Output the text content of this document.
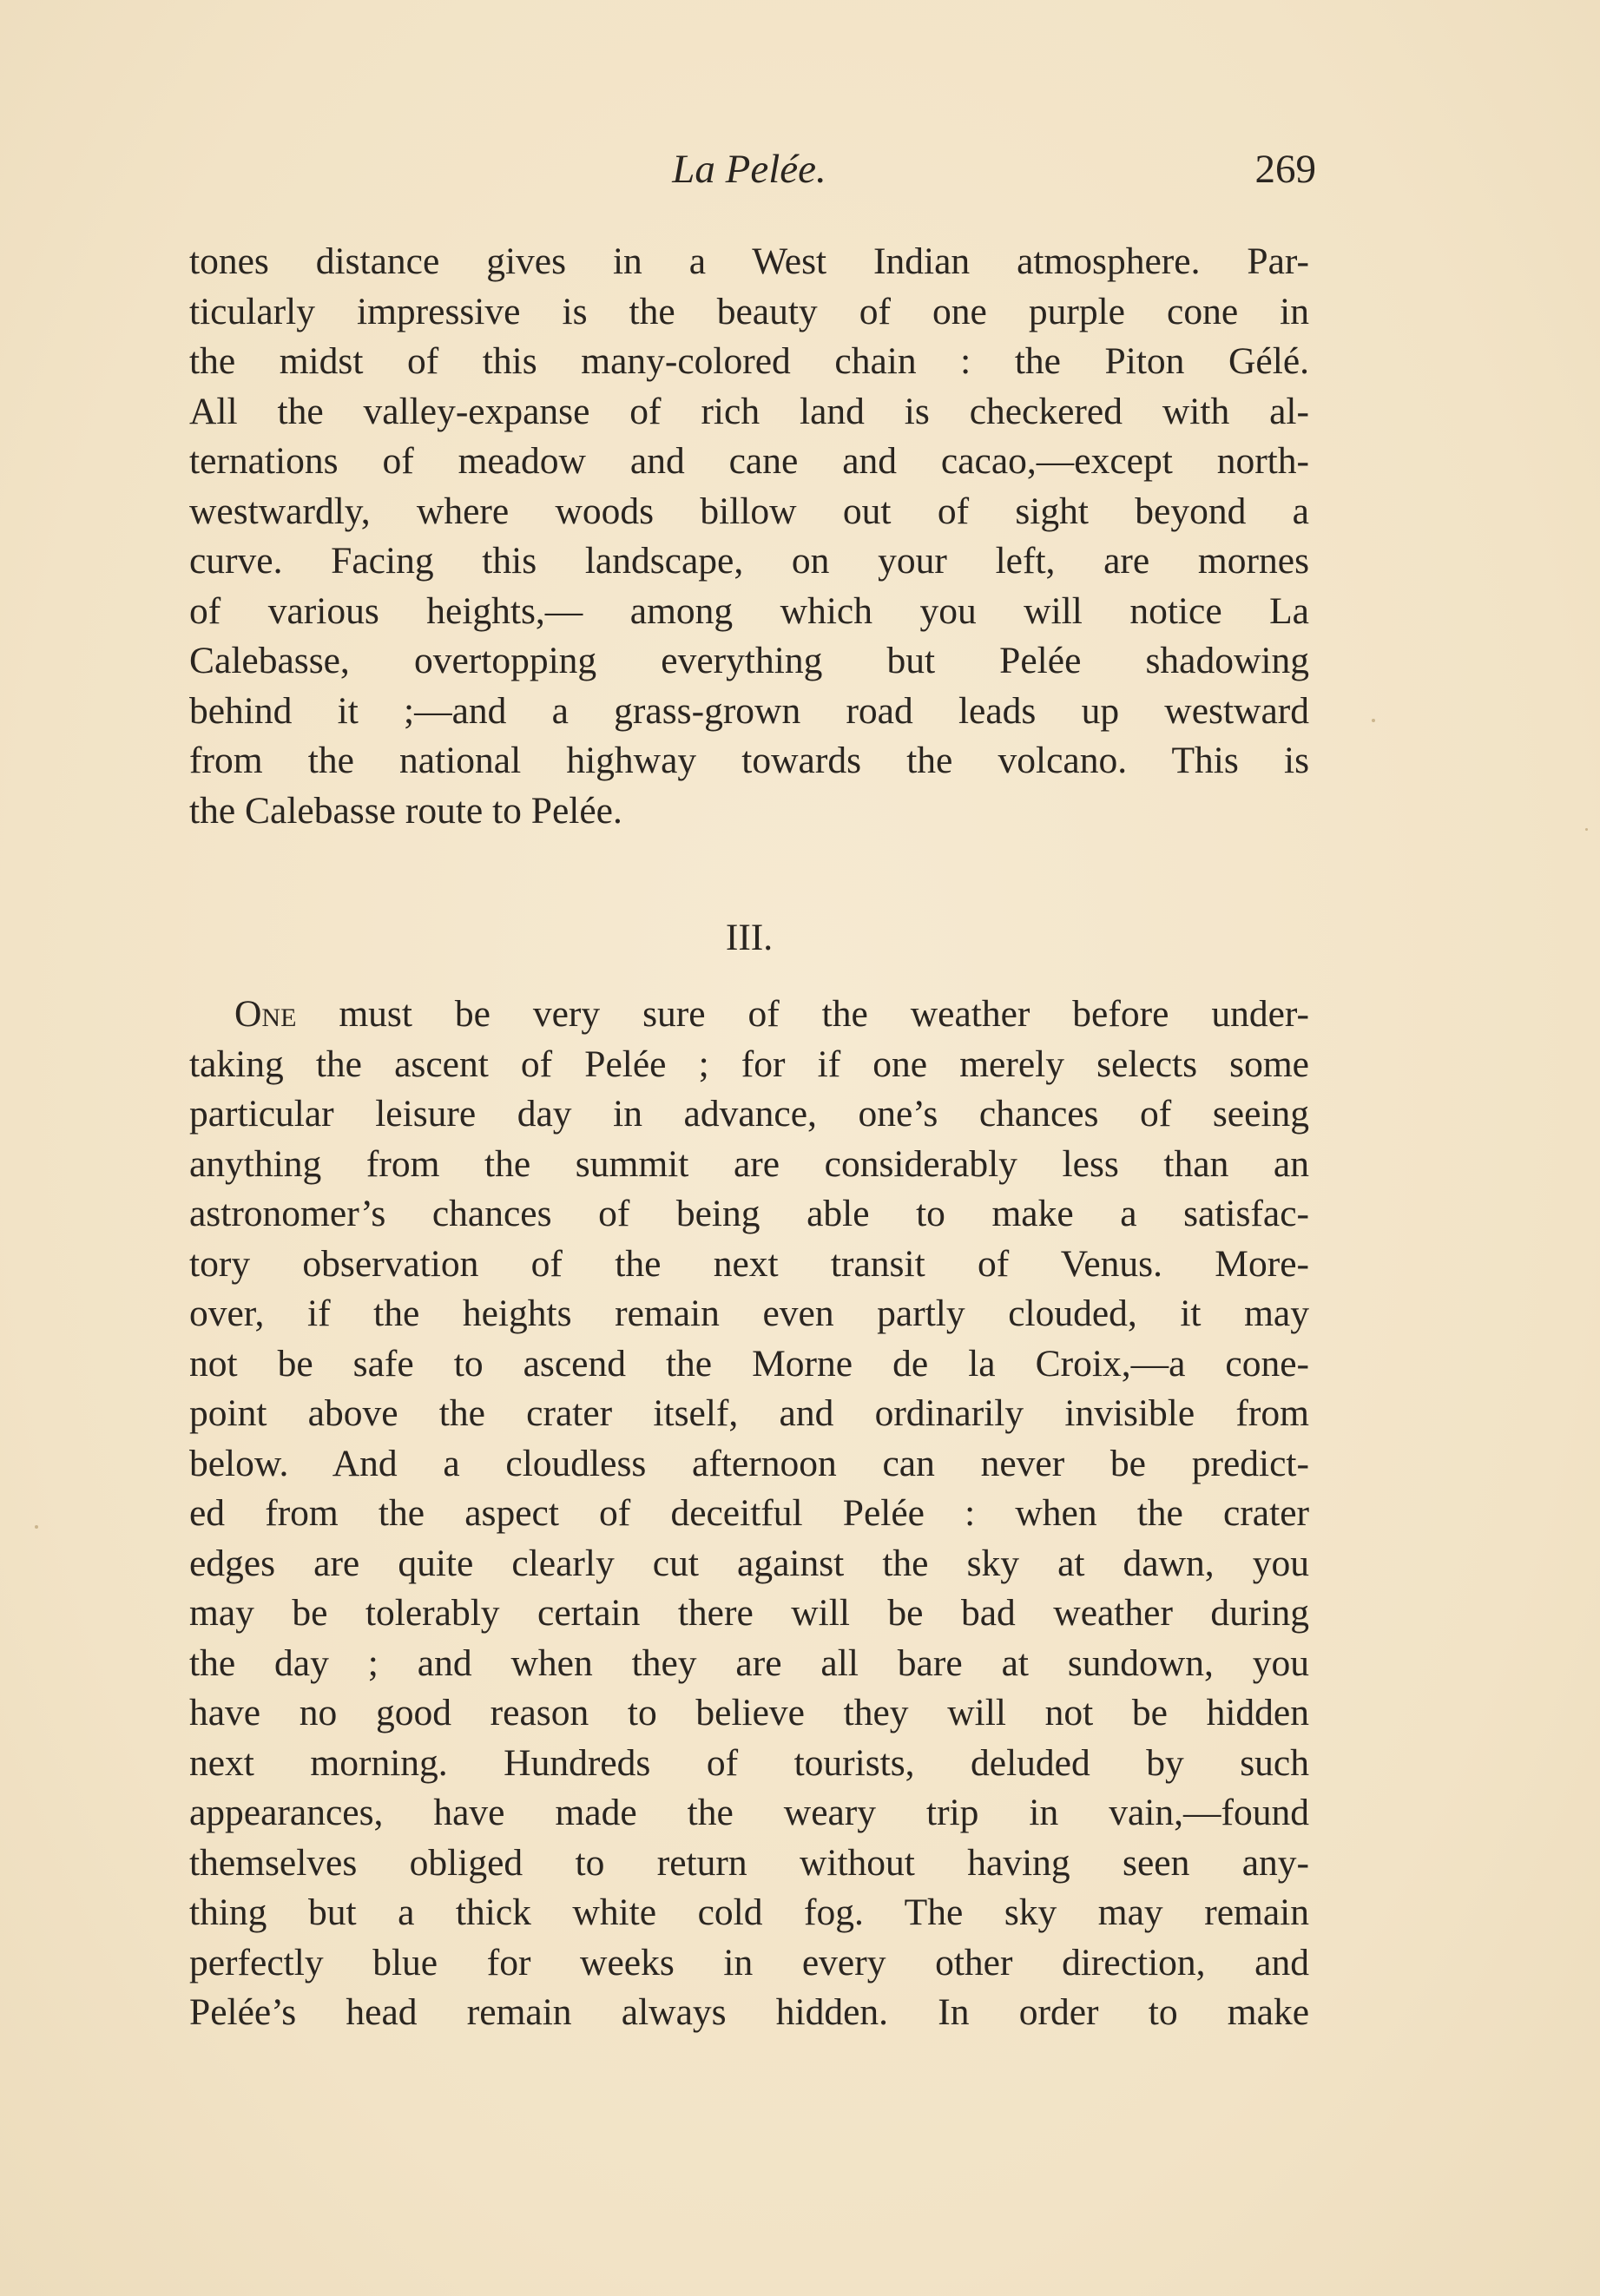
La Pelée.	269
tones distance gives in a West Indian atmosphere. Par-
ticularly impressive is the beauty of one purple cone in
the midst of this many-colored chain : the Piton Gélé.
All the valley-expanse of rich land is checkered with al-
ternations of meadow and cane and cacao,—except north-
westwardly, where woods billow out of sight beyond a
curve. Facing this landscape, on your left, are mornes
of various heights,— among which you will notice La
Calebasse, overtopping everything but Pelée shadowing
behind it ;—and a grass-grown road leads up westward
from the national highway towards the volcano. This is
the Calebasse route to Pelée.
III.
One must be very sure of the weather before under-
taking the ascent of Pelée ; for if one merely selects some
particular leisure day in advance, one’s chances of seeing
anything from the summit are considerably less than an
astronomer’s chances of being able to make a satisfac-
tory observation of the next transit of Venus. More-
over, if the heights remain even partly clouded, it may
not be safe to ascend the Morne de la Croix,—a cone-
point above the crater itself, and ordinarily invisible from
below. And a cloudless afternoon can never be predict-
ed from the aspect of deceitful Pelée : when the crater
edges are quite clearly cut against the sky at dawn, you
may be tolerably certain there will be bad weather during
the day ; and when they are all bare at sundown, you
have no good reason to believe they will not be hidden
next morning. Hundreds of tourists, deluded by such
appearances, have made the weary trip in vain,—found
themselves obliged to return without having seen any-
thing but a thick white cold fog. The sky may remain
perfectly blue for weeks in every other direction, and
Pelée’s head remain always hidden. In order to make
